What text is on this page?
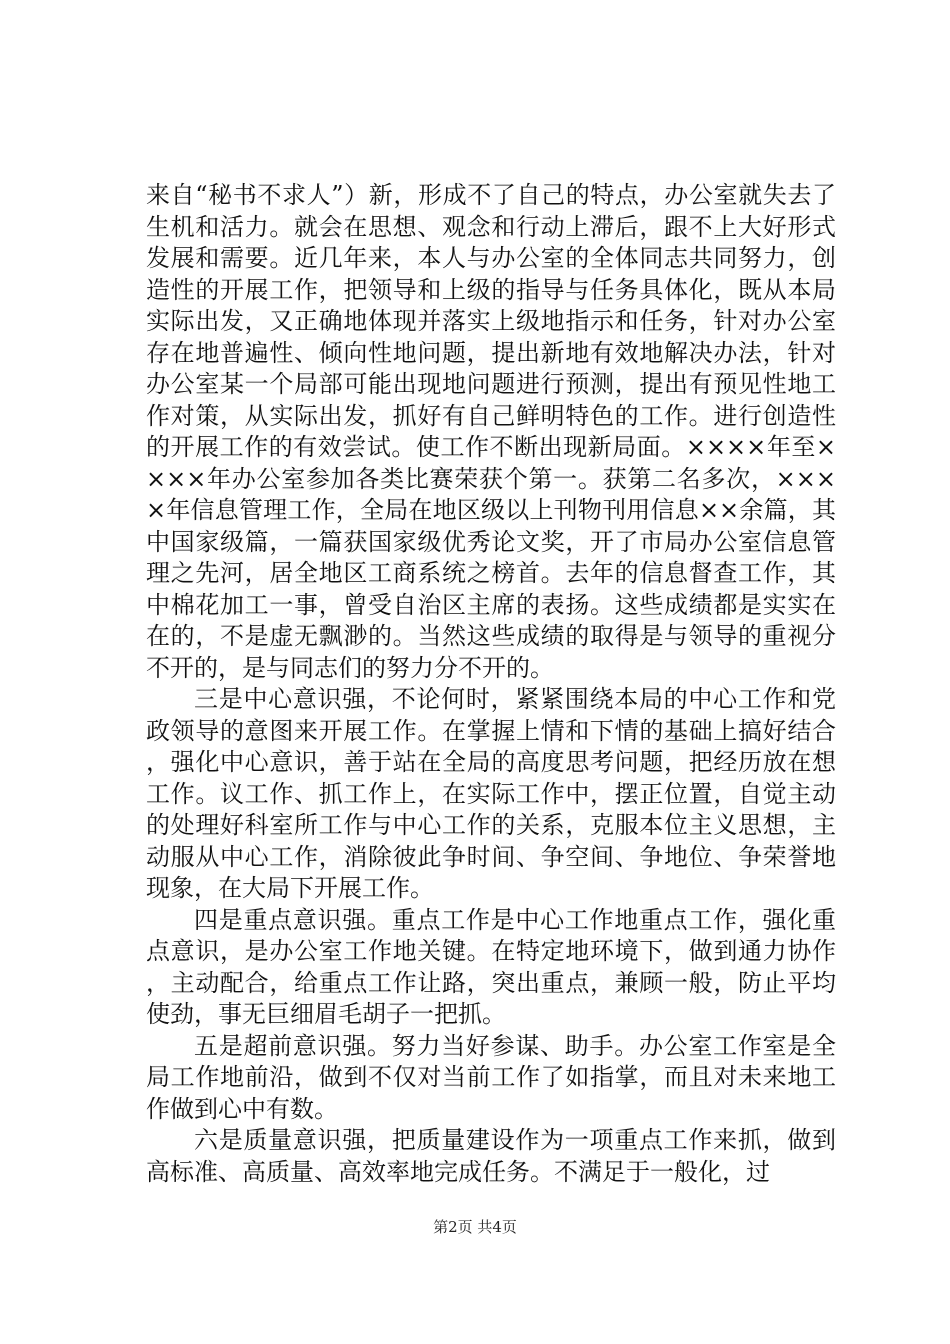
来自“秘书不求人”）新，形成不了自己的特点，办公室就失去了生机和活力。就会在思想、观念和行动上滞后，跟不上大好形式发展和需要。近几年来，本人与办公室的全体同志共同努力，创造性的开展工作，把领导和上级的指导与任务具体化，既从本局实际出发，又正确地体现并落实上级地指示和任务，针对办公室存在地普遍性、倾向性地问题，提出新地有效地解决办法，针对办公室某一个局部可能出现地问题进行预测，提出有预见性地工作对策，从实际出发，抓好有自己鲜明特色的工作。进行创造性的开展工作的有效尝试。使工作不断出现新局面。××××年至××××年办公室参加各类比赛荣获个第一。获第二名多次，××××年信息管理工作，全局在地区级以上刊物刊用信息××余篇，其中国家级篇，一篇获国家级优秀论文奖，开了市局办公室信息管理之先河，居全地区工商系统之榜首。去年的信息督查工作，其中棉花加工一事，曾受自治区主席的表扬。这些成绩都是实实在在的，不是虚无飘渺的。当然这些成绩的取得是与领导的重视分不开的，是与同志们的努力分不开的。

三是中心意识强，不论何时，紧紧围绕本局的中心工作和党政领导的意图来开展工作。在掌握上情和下情的基础上搞好结合，强化中心意识，善于站在全局的高度思考问题，把经历放在想工作。议工作、抓工作上，在实际工作中，摆正位置，自觉主动的处理好科室所工作与中心工作的关系，克服本位主义思想，主动服从中心工作，消除彼此争时间、争空间、争地位、争荣誉地现象，在大局下开展工作。

四是重点意识强。重点工作是中心工作地重点工作，强化重点意识，是办公室工作地关键。在特定地环境下，做到通力协作，主动配合，给重点工作让路，突出重点，兼顾一般，防止平均使劲，事无巨细眉毛胡子一把抓。

五是超前意识强。努力当好参谋、助手。办公室工作室是全局工作地前沿，做到不仅对当前工作了如指掌，而且对未来地工作做到心中有数。

六是质量意识强，把质量建设作为一项重点工作来抓，做到高标准、高质量、高效率地完成任务。不满足于一般化，过

第2页 共4页
